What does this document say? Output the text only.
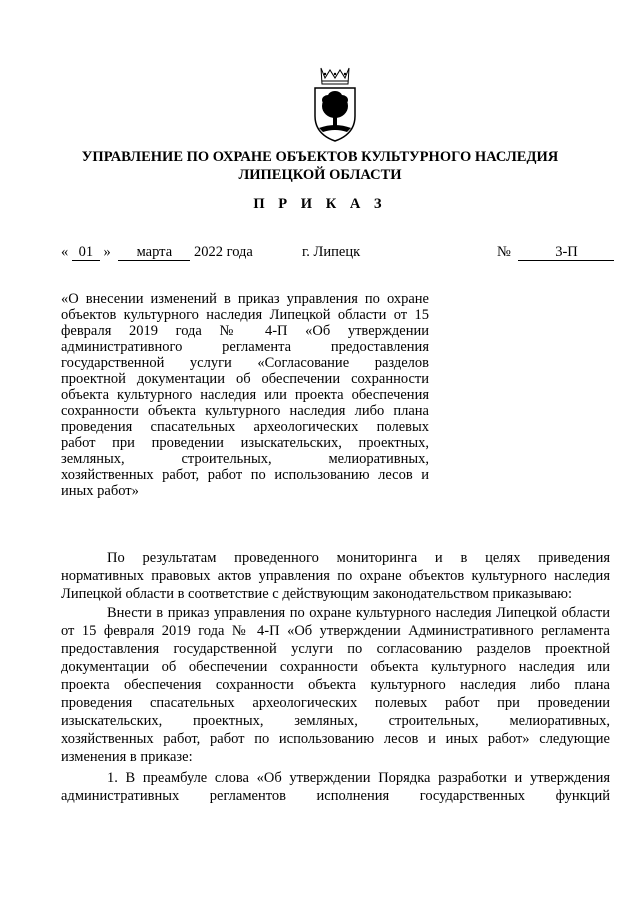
УПРАВЛЕНИЕ ПО ОХРАНЕ ОБЪЕКТОВ КУЛЬТУРНОГО НАСЛЕДИЯ
ЛИПЕЦКОЙ ОБЛАСТИ
П Р И К А З
« 01 » марта 2022 года	г. Липецк	№	3-П
«О внесении изменений в приказ управления по охране
объектов культурного наследия Липецкой области от 15
февраля 2019 года № 4-П «Об утверждении
административного регламента предоставления
государственной услуги «Согласование разделов
проектной документации об обеспечении сохранности
объекта культурного наследия или проекта обеспечения
сохранности объекта культурного наследия либо плана
проведения спасательных археологических полевых
работ при проведении изыскательских, проектных,
земляных, строительных, мелиоративных,
хозяйственных работ, работ по использованию лесов и
иных работ»
По результатам проведенного мониторинга и в целях приведения
нормативных правовых актов управления по охране объектов культурного наследия
Липецкой области в соответствие с действующим законодательством приказываю:
Внести в приказ управления по охране культурного наследия Липецкой области
от 15 февраля 2019 года № 4-П «Об утверждении Административного регламента
предоставления государственной услуги по согласованию разделов проектной
документации об обеспечении сохранности объекта культурного наследия или
проекта обеспечения сохранности объекта культурного наследия либо плана
проведения спасательных археологических полевых работ при проведении
изыскательских, проектных, земляных, строительных, мелиоративных,
хозяйственных работ, работ по использованию лесов и иных работ» следующие
изменения в приказе:
1. В преамбуле слова «Об утверждении Порядка разработки и утверждения
административных регламентов исполнения государственных функций
